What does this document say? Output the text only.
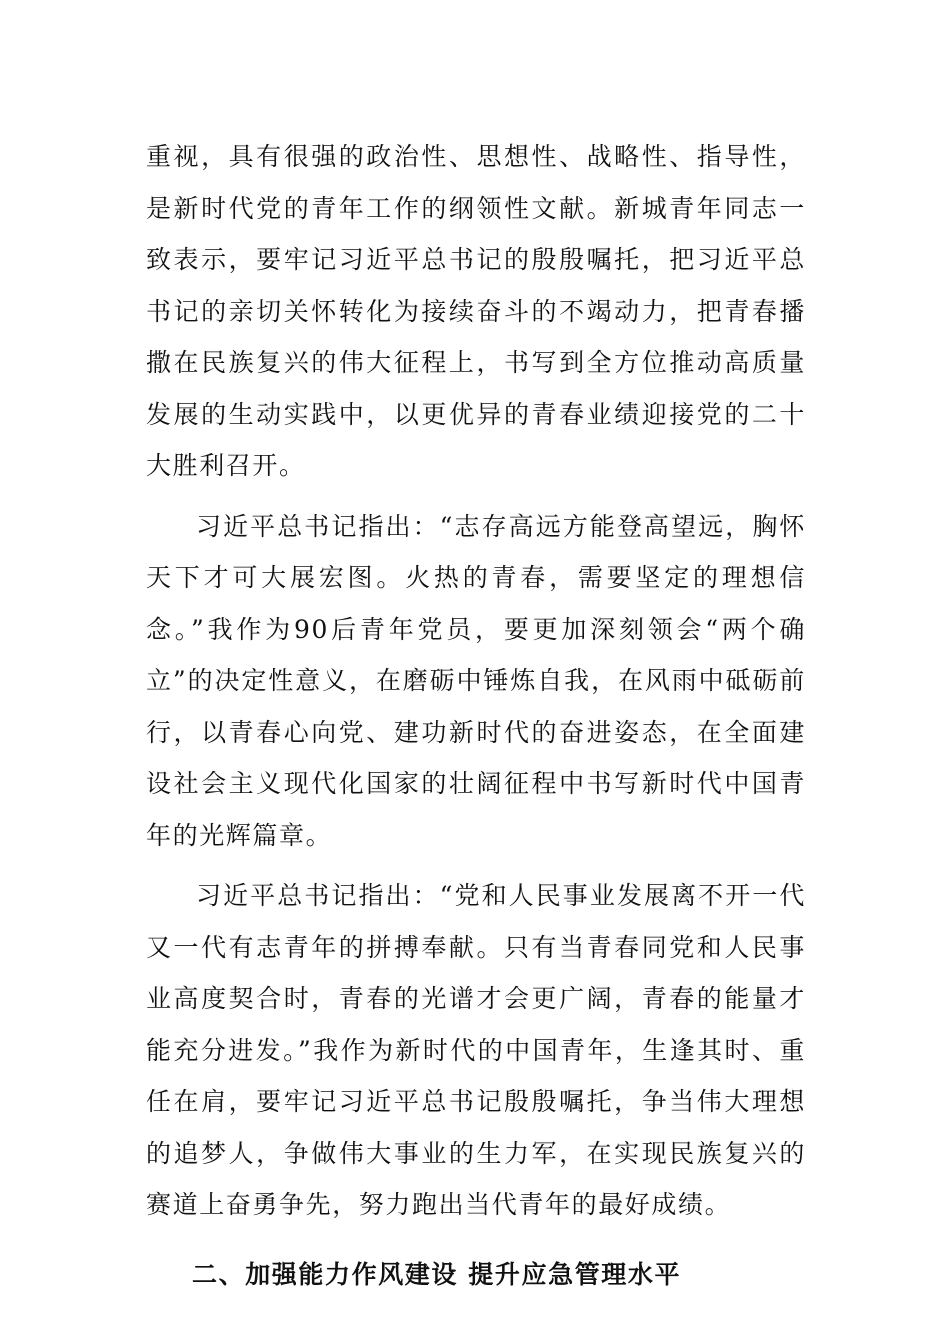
重视，具有很强的政治性、思想性、战略性、指导性，是新时代党的青年工作的纲领性文献。新城青年同志一致表示，要牢记习近平总书记的殷殷嘱托，把习近平总书记的亲切关怀转化为接续奋斗的不竭动力，把青春播撒在民族复兴的伟大征程上，书写到全方位推动高质量发展的生动实践中，以更优异的青春业绩迎接党的二十大胜利召开。

习近平总书记指出：“志存高远方能登高望远，胸怀天下才可大展宏图。火热的青春，需要坚定的理想信念。”我作为90后青年党员，要更加深刻领会“两个确立”的决定性意义，在磨砺中锤炼自我，在风雨中砥砺前行，以青春心向党、建功新时代的奋进姿态，在全面建设社会主义现代化国家的壮阔征程中书写新时代中国青年的光辉篇章。

习近平总书记指出：“党和人民事业发展离不开一代又一代有志青年的拼搏奉献。只有当青春同党和人民事业高度契合时，青春的光谱才会更广阔，青春的能量才能充分进发。”我作为新时代的中国青年，生逢其时、重任在肩，要牢记习近平总书记殷殷嘱托，争当伟大理想的追梦人，争做伟大事业的生力军，在实现民族复兴的赛道上奋勇争先，努力跑出当代青年的最好成绩。

二、加强能力作风建设 提升应急管理水平
